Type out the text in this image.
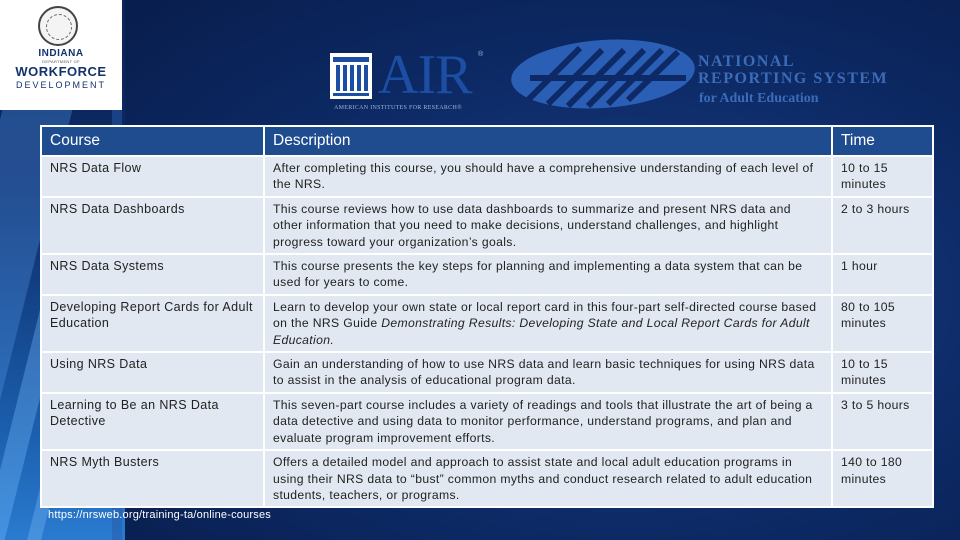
INDIANA
DEPARTMENT OF
WORKFORCE
DEVELOPMENT	AIR ®
AMERICAN INSTITUTES FOR RESEARCH®
NATIONAL
REPORTING SYSTEM
for Adult Education
Course	Description	Time
NRS Data Flow	After completing this course, you should have a comprehensive understanding of each level of the NRS.	10 to 15 minutes
NRS Data Dashboards	This course reviews how to use data dashboards to summarize and present NRS data and other information that you need to make decisions, understand challenges, and highlight progress toward your organization’s goals.	2 to 3 hours
NRS Data Systems	This course presents the key steps for planning and implementing a data system that can be used for years to come.	1 hour
Developing Report Cards for Adult Education	Learn to develop your own state or local report card in this four-part self-directed course based on the NRS Guide Demonstrating Results: Developing State and Local Report Cards for Adult Education.	80 to 105 minutes
Using NRS Data	Gain an understanding of how to use NRS data and learn basic techniques for using NRS data to assist in the analysis of educational program data.	10 to 15 minutes
Learning to Be an NRS Data Detective	This seven-part course includes a variety of readings and tools that illustrate the art of being a data detective and using data to monitor performance, understand programs, and plan and evaluate program improvement efforts.	3 to 5 hours
NRS Myth Busters	Offers a detailed model and approach to assist state and local adult education programs in using their NRS data to “bust” common myths and conduct research related to adult education students, teachers, or programs.	140 to 180 minutes
https://nrsweb.org/training-ta/online-courses
